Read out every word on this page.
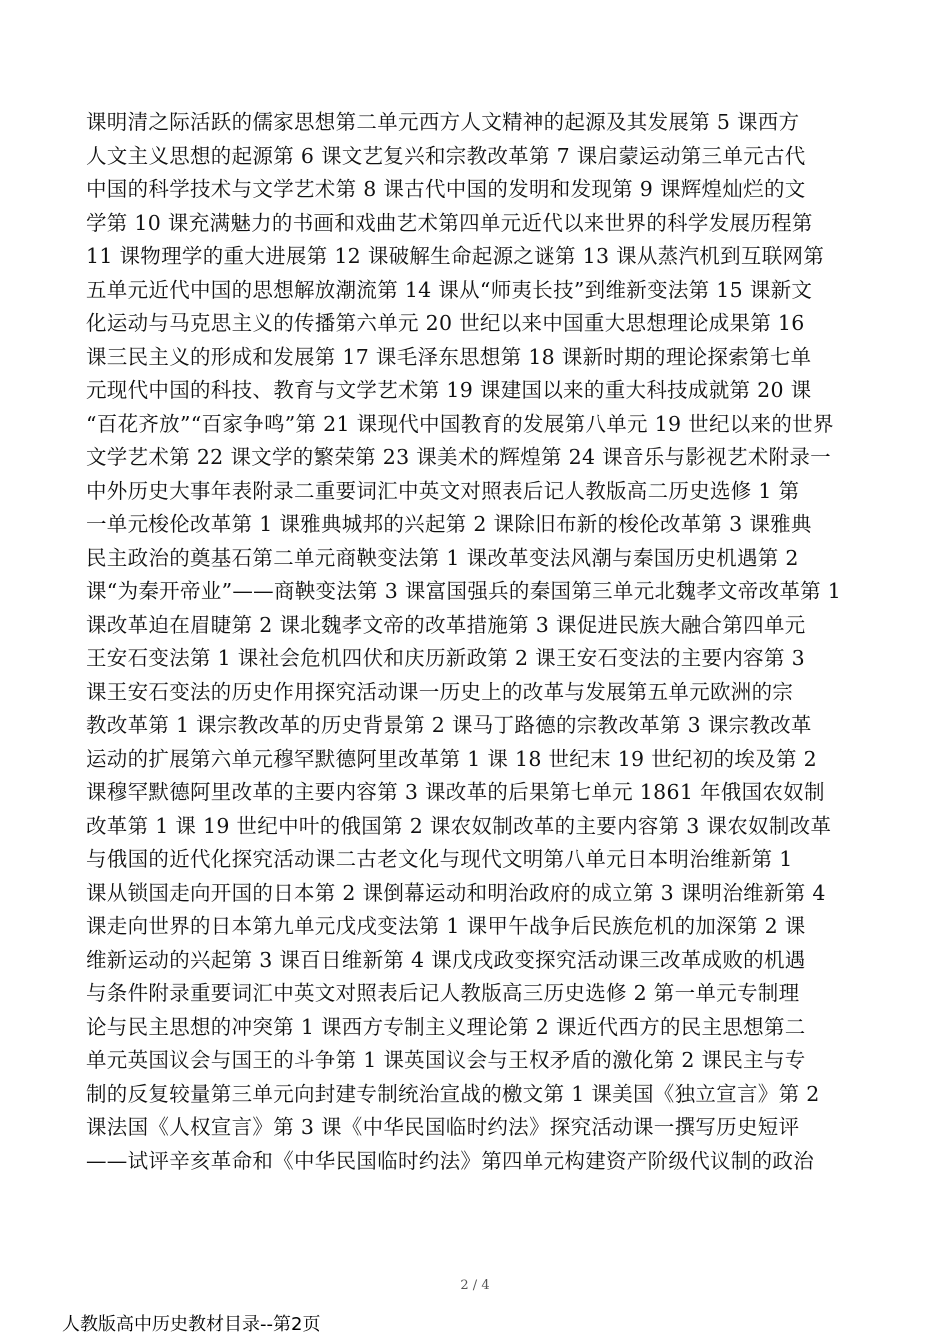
课明清之际活跃的儒家思想第二单元西方人文精神的起源及其发展第 5 课西方
人文主义思想的起源第 6 课文艺复兴和宗教改革第 7 课启蒙运动第三单元古代
中国的科学技术与文学艺术第 8 课古代中国的发明和发现第 9 课辉煌灿烂的文
学第 10 课充满魅力的书画和戏曲艺术第四单元近代以来世界的科学发展历程第
11 课物理学的重大进展第 12 课破解生命起源之谜第 13 课从蒸汽机到互联网第
五单元近代中国的思想解放潮流第 14 课从“师夷长技”到维新变法第 15 课新文
化运动与马克思主义的传播第六单元 20 世纪以来中国重大思想理论成果第 16
课三民主义的形成和发展第 17 课毛泽东思想第 18 课新时期的理论探索第七单
元现代中国的科技、教育与文学艺术第 19 课建国以来的重大科技成就第 20 课
“百花齐放”“百家争鸣”第 21 课现代中国教育的发展第八单元 19 世纪以来的世界
文学艺术第 22 课文学的繁荣第 23 课美术的辉煌第 24 课音乐与影视艺术附录一
中外历史大事年表附录二重要词汇中英文对照表后记人教版高二历史选修 1 第
一单元梭伦改革第 1 课雅典城邦的兴起第 2 课除旧布新的梭伦改革第 3 课雅典
民主政治的奠基石第二单元商鞅变法第 1 课改革变法风潮与秦国历史机遇第 2
课“为秦开帝业”——商鞅变法第 3 课富国强兵的秦国第三单元北魏孝文帝改革第 1
课改革迫在眉睫第 2 课北魏孝文帝的改革措施第 3 课促进民族大融合第四单元
王安石变法第 1 课社会危机四伏和庆历新政第 2 课王安石变法的主要内容第 3
课王安石变法的历史作用探究活动课一历史上的改革与发展第五单元欧洲的宗
教改革第 1 课宗教改革的历史背景第 2 课马丁路德的宗教改革第 3 课宗教改革
运动的扩展第六单元穆罕默德阿里改革第 1 课 18 世纪末 19 世纪初的埃及第 2
课穆罕默德阿里改革的主要内容第 3 课改革的后果第七单元 1861 年俄国农奴制
改革第 1 课 19 世纪中叶的俄国第 2 课农奴制改革的主要内容第 3 课农奴制改革
与俄国的近代化探究活动课二古老文化与现代文明第八单元日本明治维新第 1
课从锁国走向开国的日本第 2 课倒幕运动和明治政府的成立第 3 课明治维新第 4
课走向世界的日本第九单元戊戌变法第 1 课甲午战争后民族危机的加深第 2 课
维新运动的兴起第 3 课百日维新第 4 课戊戌政变探究活动课三改革成败的机遇
与条件附录重要词汇中英文对照表后记人教版高三历史选修 2 第一单元专制理
论与民主思想的冲突第 1 课西方专制主义理论第 2 课近代西方的民主思想第二
单元英国议会与国王的斗争第 1 课英国议会与王权矛盾的激化第 2 课民主与专
制的反复较量第三单元向封建专制统治宣战的檄文第 1 课美国《独立宣言》第 2
课法国《人权宣言》第 3 课《中华民国临时约法》探究活动课一撰写历史短评
——试评辛亥革命和《中华民国临时约法》第四单元构建资产阶级代议制的政治
2 / 4
人教版高中历史教材目录--第2页
